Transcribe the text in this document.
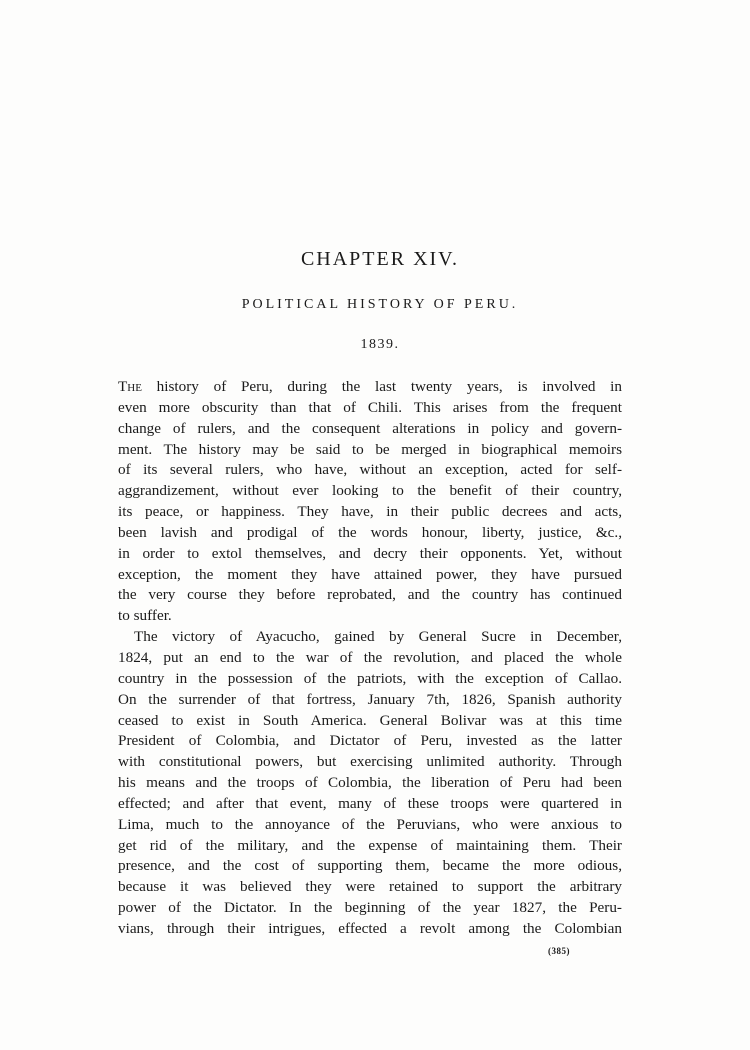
CHAPTER XIV.
POLITICAL HISTORY OF PERU.

1839.

The history of Peru, during the last twenty years, is involved in
even more obscurity than that of Chili. This arises from the frequent
change of rulers, and the consequent alterations in policy and govern-
ment. The history may be said to be merged in biographical memoirs
of its several rulers, who have, without an exception, acted for self-
aggrandizement, without ever looking to the benefit of their country,
its peace, or happiness. They have, in their public decrees and acts,
been lavish and prodigal of the words honour, liberty, justice, &c.,
in order to extol themselves, and decry their opponents. Yet, without
exception, the moment they have attained power, they have pursued
the very course they before reprobated, and the country has continued
to suffer.
The victory of Ayacucho, gained by General Sucre in December,
1824, put an end to the war of the revolution, and placed the whole
country in the possession of the patriots, with the exception of Callao.
On the surrender of that fortress, January 7th, 1826, Spanish authority
ceased to exist in South America. General Bolivar was at this time
President of Colombia, and Dictator of Peru, invested as the latter
with constitutional powers, but exercising unlimited authority. Through
his means and the troops of Colombia, the liberation of Peru had been
effected; and after that event, many of these troops were quartered in
Lima, much to the annoyance of the Peruvians, who were anxious to
get rid of the military, and the expense of maintaining them. Their
presence, and the cost of supporting them, became the more odious,
because it was believed they were retained to support the arbitrary
power of the Dictator. In the beginning of the year 1827, the Peru-
vians, through their intrigues, effected a revolt among the Colombian

(385)
